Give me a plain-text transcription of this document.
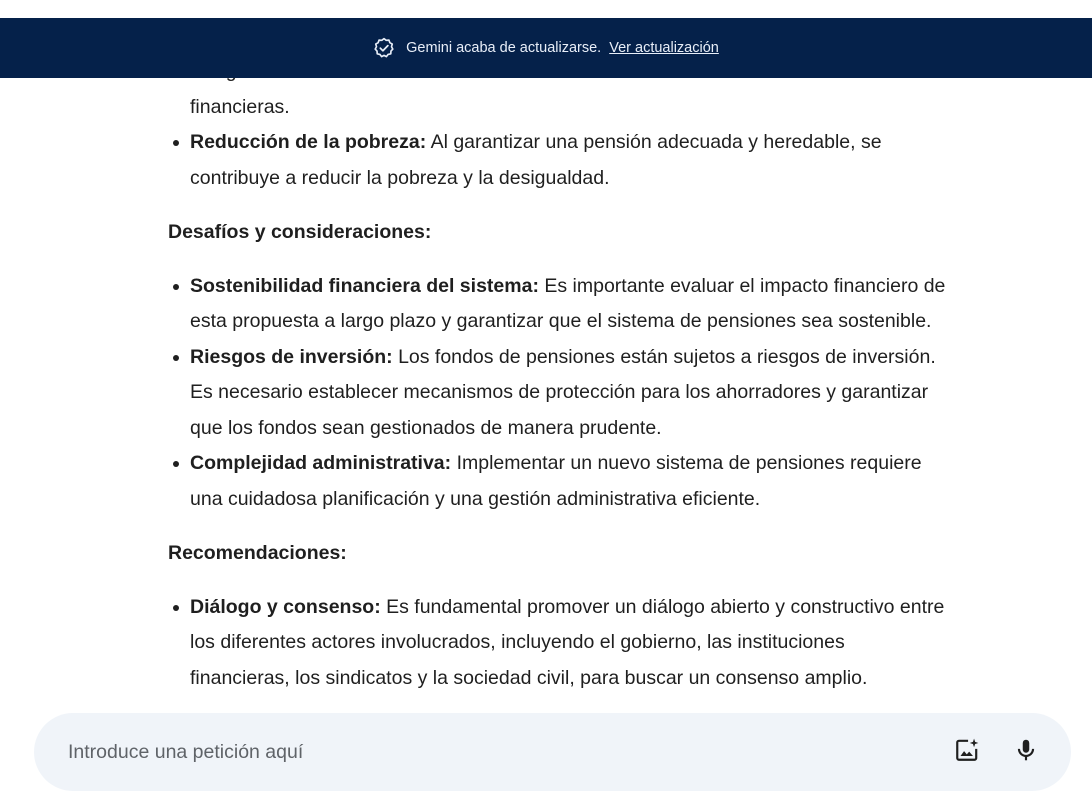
financieras.
Reducción de la pobreza: Al garantizar una pensión adecuada y heredable, se contribuye a reducir la pobreza y la desigualdad.
Desafíos y consideraciones:
Sostenibilidad financiera del sistema: Es importante evaluar el impacto financiero de esta propuesta a largo plazo y garantizar que el sistema de pensiones sea sostenible.
Riesgos de inversión: Los fondos de pensiones están sujetos a riesgos de inversión. Es necesario establecer mecanismos de protección para los ahorradores y garantizar que los fondos sean gestionados de manera prudente.
Complejidad administrativa: Implementar un nuevo sistema de pensiones requiere una cuidadosa planificación y una gestión administrativa eficiente.
Recomendaciones:
Diálogo y consenso: Es fundamental promover un diálogo abierto y constructivo entre los diferentes actores involucrados, incluyendo el gobierno, las instituciones financieras, los sindicatos y la sociedad civil, para buscar un consenso amplio.
Gemini acaba de actualizarse. Ver actualización
Introduce una petición aquí
